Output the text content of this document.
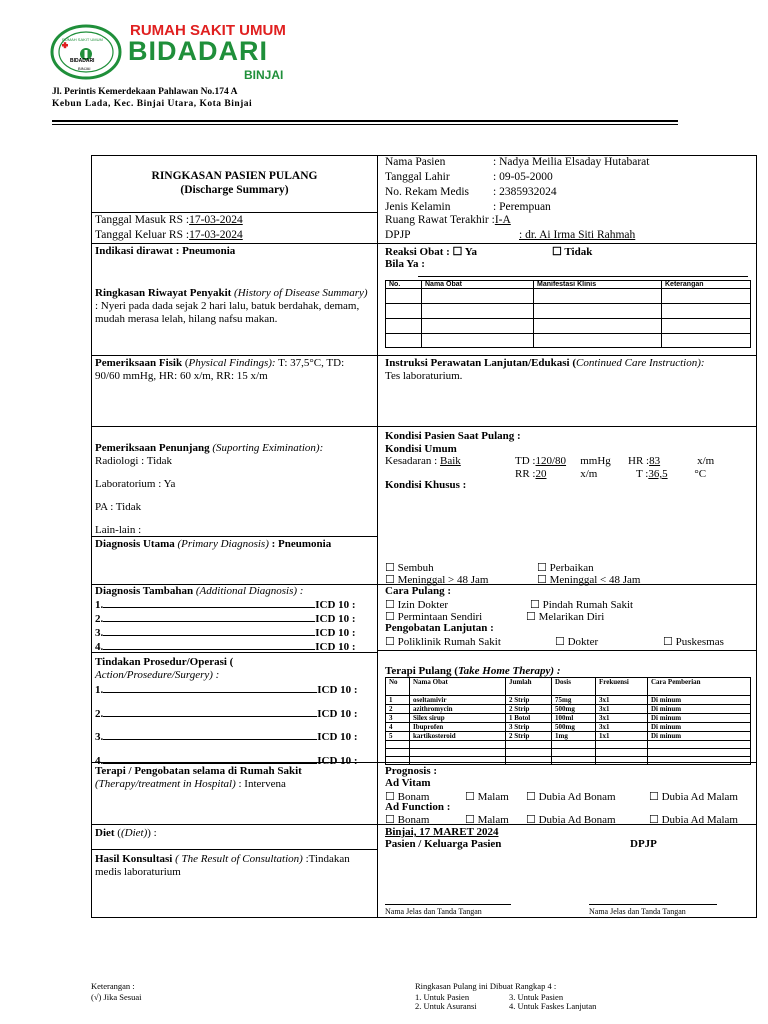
RUMAH SAKIT UMUM
BIDADARI
BINJAI
RUMAH SAKIT UMUM
BIDADARI
BINJAI
Jl. Perintis Kemerdekaan Pahlawan No.174 A
Kebun Lada, Kec. Binjai Utara, Kota Binjai
RINGKASAN PASIEN PULANG
(Discharge Summary)
Nama Pasien	: Nadya Meilia Elsaday Hutabarat
Tanggal Lahir	: 09-05-2000
No. Rekam Medis : 2385932024
Jenis Kelamin	: Perempuan
Tanggal Masuk RS :17-03-2024
Tanggal Keluar RS :17-03-2024
Ruang Rawat Terakhir :I-A
DPJP	: dr. Ai Irma Siti Rahmah
Indikasi dirawat : Pneumonia
Ringkasan Riwayat Penyakit (History of Disease Summary) : Nyeri pada dada sejak 2 hari lalu, batuk berdahak, demam, mudah merasa lelah, hilang nafsu makan.
Reaksi Obat : ☐ Ya	☐ Tidak
Bila Ya :
No.	Nama Obat	Manifestasi Klinis	Keterangan

Pemeriksaan Fisik (Physical Findings): T: 37,5°C, TD: 90/60 mmHg, HR: 60 x/m, RR: 15 x/m
Instruksi Perawatan Lanjutan/Edukasi (Continued Care Instruction):
Tes laboraturium.
Pemeriksaan Penunjang (Suporting Eximination):
Radiologi : Tidak
Laboratorium : Ya
PA : Tidak
Lain-lain :
Kondisi Pasien Saat Pulang :
Kondisi Umum
Kesadaran : Baik	TD :120/80 mmHg HR :83	x/m
RR :20	x/m	T :36,5 °C
Kondisi Khusus :
Diagnosis Utama (Primary Diagnosis) : Pneumonia
☐ Sembuh	☐ Perbaikan
☐ Meninggal > 48 Jam	☐ Meninggal < 48 Jam
Diagnosis Tambahan (Additional Diagnosis) :
1.	ICD 10 :
2.	ICD 10 :
3.	ICD 10 :
4.	ICD 10 :
Cara Pulang :
☐ Izin Dokter	☐ Pindah Rumah Sakit
☐ Permintaan Sendiri	☐ Melarikan Diri
Pengobatan Lanjutan :
☐ Poliklinik Rumah Sakit	☐ Dokter	☐ Puskesmas
Tindakan Prosedur/Operasi (
Action/Prosedure/Surgery) :
1.	ICD 10 :
2.	ICD 10 :
3.	ICD 10 :
4.	ICD 10 :
Terapi Pulang (Take Home Therapy) :
No	Nama Obat	Jumlah	Dosis	Frekuensi	Cara Pemberian
1	oseltamivir	2 Strip	75mg	3x1	Di minum
2	azithromycin	2 Strip	500mg	3x1	Di minum
3	Silex sirup	1 Botol	100ml	3x1	Di minum
4	Ibuprofen	3 Strip	500mg	3x1	Di minum
5	kartikosteroid	2 Strip	1mg	1x1	Di minum

Terapi / Pengobatan selama di Rumah Sakit
(Therapy/treatment in Hospital) : Intervena
Prognosis :
Ad Vitam
☐ Bonam	☐ Malam ☐ Dubia Ad Bonam	☐ Dubia Ad Malam
Ad Function :
☐ Bonam	☐ Malam ☐ Dubia Ad Bonam	☐ Dubia Ad Malam
Diet ((Diet)) :	Binjai, 17 MARET 2024
Pasien / Keluarga Pasien	DPJP
Nama Jelas dan Tanda Tangan	Nama Jelas dan Tanda Tangan
Hasil Konsultasi ( The Result of Consultation) :Tindakan medis laboraturium
Keterangan :
(√) Jika Sesuai
Ringkasan Pulang ini Dibuat Rangkap 4 :
1. Untuk Pasien
2. Untuk Asuransi
3. Untuk Pasien
4. Untuk Faskes Lanjutan
